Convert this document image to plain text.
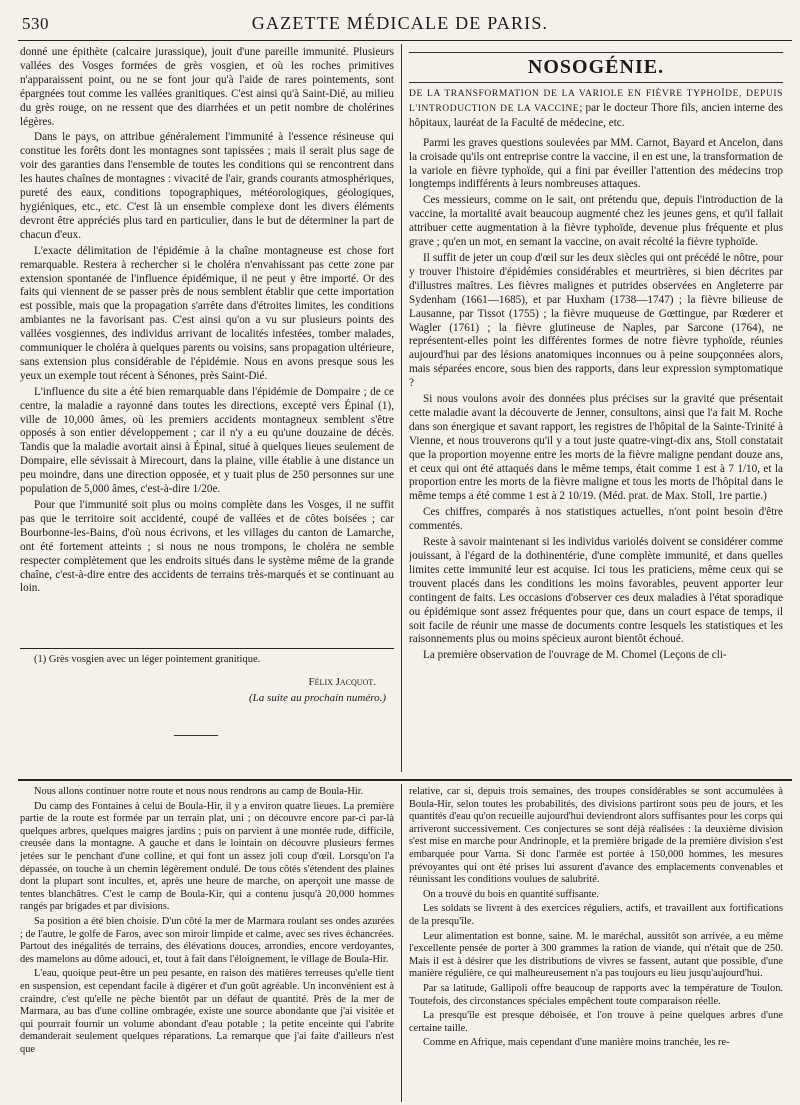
530	GAZETTE MÉDICALE DE PARIS.

donné une épithète (calcaire jurassique), jouit d'une pareille immunité. Plusieurs vallées des Vosges formées de grès vosgien, et où les roches primitives n'apparaissent point, ou ne se font jour qu'à l'aide de rares pointements, sont épargnées tout comme les vallées granitiques. C'est ainsi qu'à Saint-Dié, au milieu du grès rouge, on ne ressent que des diarrhées et un petit nombre de cholérines légères.

Dans le pays, on attribue généralement l'immunité à l'essence résineuse qui constitue les forêts dont les montagnes sont tapissées ; mais il serait plus sage de voir des garanties dans l'ensemble de toutes les conditions qui se rencontrent dans les hautes chaînes de montagnes : vivacité de l'air, grands courants atmosphériques, pureté des eaux, conditions topographiques, météorologiques, géologiques, hygiéniques, etc., etc. C'est là un ensemble complexe dont les divers éléments devront être appréciés plus tard en particulier, dans le but de déterminer la part de chacun d'eux.

L'exacte délimitation de l'épidémie à la chaîne montagneuse est chose fort remarquable. Restera à rechercher si le choléra n'envahissant pas cette zone par extension spontanée de l'influence épidémique, il ne peut y être importé. Or des faits qui viennent de se passer près de nous semblent établir que cette importation est possible, mais que la propagation s'arrête dans d'étroites limites, les conditions ambiantes ne la favorisant pas. C'est ainsi qu'on a vu sur plusieurs points des vallées vosgiennes, des individus arrivant de localités infestées, tomber malades, communiquer le choléra à quelques parents ou voisins, sans propagation ultérieure, sans extension plus considérable de l'épidémie. Nous en avons presque sous les yeux un exemple tout récent à Sénones, près Saint-Dié.

L'influence du site a été bien remarquable dans l'épidémie de Dompaire ; de ce centre, la maladie a rayonné dans toutes les directions, excepté vers Épinal (1), ville de 10,000 âmes, où les premiers accidents montagneux semblent s'être opposés à son entier développement ; car il n'y a eu qu'une douzaine de décès. Tandis que la maladie avortait ainsi à Épinal, situé à quelques lieues seulement de Dompaire, elle sévissait à Mirecourt, dans la plaine, ville établie à une distance un peu moindre, dans une direction opposée, et y tuait plus de 250 personnes sur une population de 5,000 âmes, c'est-à-dire 1/20e.

Pour que l'immunité soit plus ou moins complète dans les Vosges, il ne suffit pas que le territoire soit accidenté, coupé de vallées et de côtes boisées ; car Bourbonne-les-Bains, d'où nous écrivons, et les villages du canton de Lamarche, ont été fortement atteints ; si nous ne nous trompons, le choléra ne semble respecter complètement que les endroits situés dans le système même de la grande chaîne, c'est-à-dire entre des accidents de terrains très-marqués et se continuant au loin.

(1) Grès vosgien avec un léger pointement granitique.
Félix Jacquot.
(La suite au prochain numéro.)
NOSOGÉNIE.
DE LA TRANSFORMATION DE LA VARIOLE EN FIÈVRE TYPHOÏDE, DEPUIS L'INTRODUCTION DE LA VACCINE; par le docteur Thore fils, ancien interne des hôpitaux, lauréat de la Faculté de médecine, etc.

Parmi les graves questions soulevées par MM. Carnot, Bayard et Ancelon, dans la croisade qu'ils ont entreprise contre la vaccine, il en est une, la transformation de la variole en fièvre typhoïde, qui a fini par éveiller l'attention des médecins trop longtemps indifférents à leurs nombreuses attaques.

Ces messieurs, comme on le sait, ont prétendu que, depuis l'introduction de la vaccine, la mortalité avait beaucoup augmenté chez les jeunes gens, et qu'il fallait attribuer cette augmentation à la fièvre typhoïde, devenue plus fréquente et plus grave ; qu'en un mot, en semant la vaccine, on avait récolté la fièvre typhoïde.

Il suffit de jeter un coup d'œil sur les deux siècles qui ont précédé le nôtre, pour y trouver l'histoire d'épidémies considérables et meurtrières, si bien décrites par d'illustres maîtres. Les fièvres malignes et putrides observées en Angleterre par Sydenham (1661—1685), et par Huxham (1738—1747) ; la fièvre bilieuse de Lausanne, par Tissot (1755) ; la fièvre muqueuse de Gœttingue, par Rœderer et Wagler (1761) ; la fièvre glutineuse de Naples, par Sarcone (1764), ne représentent-elles point les différentes formes de notre fièvre typhoïde, réunies aujourd'hui par des lésions anatomiques inconnues ou à peine soupçonnées alors, mais séparées encore, sous bien des rapports, dans leur expression symptomatique ?

Si nous voulons avoir des données plus précises sur la gravité que présentait cette maladie avant la découverte de Jenner, consultons, ainsi que l'a fait M. Roche dans son énergique et savant rapport, les registres de l'hôpital de la Sainte-Trinité à Vienne, et nous trouverons qu'il y a tout juste quatre-vingt-dix ans, Stoll constatait que la proportion moyenne entre les morts de la fièvre maligne pendant douze ans, et ceux qui ont été attaqués dans le même temps, était comme 1 est à 7 1/10, et la proportion entre les morts de la fièvre maligne et tous les morts de l'hôpital dans le même temps a été comme 1 est à 2 10/19. (Méd. prat. de Max. Stoll, 1re partie.)

Ces chiffres, comparés à nos statistiques actuelles, n'ont point besoin d'être commentés.

Reste à savoir maintenant si les individus variolés doivent se considérer comme jouissant, à l'égard de la dothinentérie, d'une complète immunité, et dans quelles limites cette immunité leur est acquise. Ici tous les praticiens, même ceux qui se trouvent placés dans les conditions les moins favorables, peuvent apporter leur contingent de faits. Les occasions d'observer ces deux maladies à l'état sporadique ou épidémique sont assez fréquentes pour que, dans un court espace de temps, il soit facile de réunir une masse de documents contre lesquels les statistiques et les raisonnements plus ou moins spécieux auront bientôt échoué.

La première observation de l'ouvrage de M. Chomel (Leçons de cli-

Nous allons continuer notre route et nous nous rendrons au camp de Boula-Hir.

Du camp des Fontaines à celui de Boula-Hir, il y a environ quatre lieues. La première partie de la route est formée par un terrain plat, uni ; on découvre encore par-ci par-là quelques arbres, quelques maigres jardins ; puis on parvient à une montée rude, difficile, creusée dans la montagne. A gauche et dans le lointain on découvre plusieurs fermes jetées sur le penchant d'une colline, et qui font un assez joli coup d'œil. Lorsqu'on l'a dépassée, on touche à un chemin légèrement ondulé. De tous côtés s'étendent des plaines dont la plupart sont incultes, et, après une heure de marche, on aperçoit une masse de tentes blanchâtres. C'est le camp de Boula-Kir, qui a contenu jusqu'à 20,000 hommes rangés par brigades et par divisions.

Sa position a été bien choisie. D'un côté la mer de Marmara roulant ses ondes azurées ; de l'autre, le golfe de Faros, avec son miroir limpide et calme, avec ses rives échancrées. Partout des inégalités de terrains, des élévations douces, arrondies, encore verdoyantes, des mamelons au dôme adouci, et, tout à fait dans l'éloignement, le village de Boula-Hir.

L'eau, quoique peut-être un peu pesante, en raison des matières terreuses qu'elle tient en suspension, est cependant facile à digérer et d'un goût agréable. Un inconvénient est à craindre, c'est qu'elle ne pèche bientôt par un défaut de quantité. Près de la mer de Marmara, au bas d'une colline ombragée, existe une source abondante que j'ai visitée et qui pourrait fournir un volume abondant d'eau potable ; la petite enceinte qui l'abrite demanderait seulement quelques réparations. La remarque que j'ai faite d'ailleurs n'est que

relative, car si, depuis trois semaines, des troupes considérables se sont accumulées à Boula-Hir, selon toutes les probabilités, des divisions partiront sous peu de jours, et les quantités d'eau qu'on recueille aujourd'hui deviendront alors suffisantes pour les corps qui arriveront successivement. Ces conjectures se sont déjà réalisées : la deuxième division s'est mise en marche pour Andrinople, et la première brigade de la première division s'est embarquée pour Varna. Si donc l'armée est portée à 150,000 hommes, les mesures prévoyantes qui ont été prises lui assurent d'avance des emplacements convenables et réunissant les conditions voulues de salubrité.

On a trouvé du bois en quantité suffisante.

Les soldats se livrent à des exercices réguliers, actifs, et travaillent aux fortifications de la presqu'île.

Leur alimentation est bonne, saine. M. le maréchal, aussitôt son arrivée, a eu même l'excellente pensée de porter à 300 grammes la ration de viande, qui n'était que de 250. Mais il est à désirer que les distributions de vivres se fassent, autant que possible, d'une manière régulière, ce qui malheureusement n'a pas toujours eu lieu jusqu'aujourd'hui.

Par sa latitude, Gallipoli offre beaucoup de rapports avec la température de Toulon. Toutefois, des circonstances spéciales empêchent toute comparaison réelle.

La presqu'île est presque déboisée, et l'on trouve à peine quelques arbres d'une certaine taille.

Comme en Afrique, mais cependant d'une manière moins tranchée, les re-
